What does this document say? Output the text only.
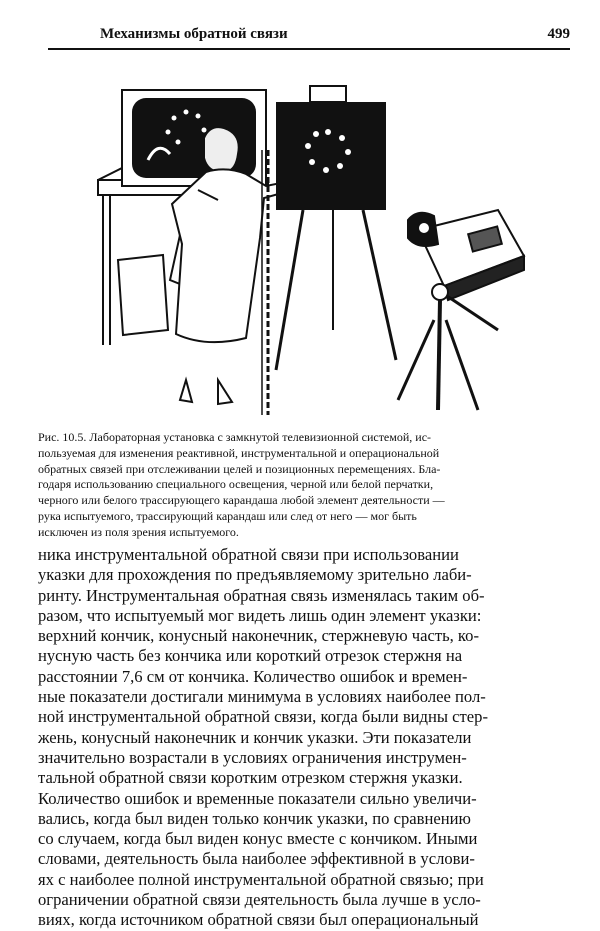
Механизмы обратной связи	499
Рис. 10.5. Лабораторная установка с замкнутой телевизионной системой, ис-
пользуемая для изменения реактивной, инструментальной и операциональной
обратных связей при отслеживании целей и позиционных перемещениях. Бла-
годаря использованию специального освещения, черной или белой перчатки,
черного или белого трассирующего карандаша любой элемент деятельности —
рука испытуемого, трассирующий карандаш или след от него — мог быть
исключен из поля зрения испытуемого.
ника инструментальной обратной связи при использовании
указки для прохождения по предъявляемому зрительно лаби-
ринту. Инструментальная обратная связь изменялась таким об-
разом, что испытуемый мог видеть лишь один элемент указки:
верхний кончик, конусный наконечник, стержневую часть, ко-
нусную часть без кончика или короткий отрезок стержня на
расстоянии 7,6 см от кончика. Количество ошибок и времен-
ные показатели достигали минимума в условиях наиболее пол-
ной инструментальной обратной связи, когда были видны стер-
жень, конусный наконечник и кончик указки. Эти показатели
значительно возрастали в условиях ограничения инструмен-
тальной обратной связи коротким отрезком стержня указки.
Количество ошибок и временные показатели сильно увеличи-
вались, когда был виден только кончик указки, по сравнению
со случаем, когда был виден конус вместе с кончиком. Иными
словами, деятельность была наиболее эффективной в услови-
ях с наиболее полной инструментальной обратной связью; при
ограничении обратной связи деятельность была лучше в усло-
виях, когда источником обратной связи был операциональный
